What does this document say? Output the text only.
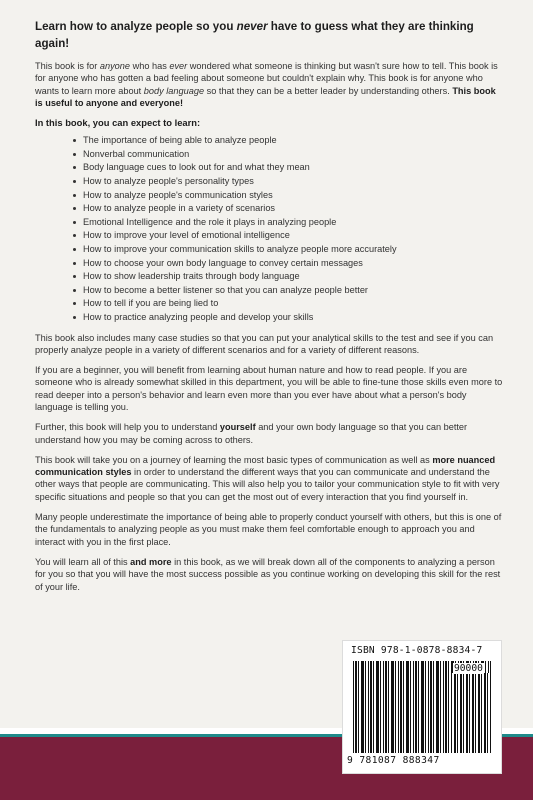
Learn how to analyze people so you never have to guess what they are thinking again!

This book is for anyone who has ever wondered what someone is thinking but wasn't sure how to tell. This book is for anyone who has gotten a bad feeling about someone but couldn't explain why. This book is for anyone who wants to learn more about body language so that they can be a better leader by understanding others. This book is useful to anyone and everyone!

In this book, you can expect to learn:
The importance of being able to analyze people
Nonverbal communication
Body language cues to look out for and what they mean
How to analyze people's personality types
How to analyze people's communication styles
How to analyze people in a variety of scenarios
Emotional Intelligence and the role it plays in analyzing people
How to improve your level of emotional intelligence
How to improve your communication skills to analyze people more accurately
How to choose your own body language to convey certain messages
How to show leadership traits through body language
How to become a better listener so that you can analyze people better
How to tell if you are being lied to
How to practice analyzing people and develop your skills

This book also includes many case studies so that you can put your analytical skills to the test and see if you can properly analyze people in a variety of different scenarios and for a variety of different reasons.

If you are a beginner, you will benefit from learning about human nature and how to read people. If you are someone who is already somewhat skilled in this department, you will be able to fine-tune those skills even more to read deeper into a person's behavior and learn even more than you ever have about what a person's body language is telling you.

Further, this book will help you to understand yourself and your own body language so that you can better understand how you may be coming across to others.

This book will take you on a journey of learning the most basic types of communication as well as more nuanced communication styles in order to understand the different ways that you can communicate and understand the other ways that people are communicating. This will also help you to tailor your communication style to fit with very specific situations and people so that you can get the most out of every interaction that you find yourself in.

Many people underestimate the importance of being able to properly conduct yourself with others, but this is one of the fundamentals to analyzing people as you must make them feel comfortable enough to approach you and interact with you in the first place.

You will learn all of this and more in this book, as we will break down all of the components to analyzing a person for you so that you will have the most success possible as you continue working on developing this skill for the rest of your life.

ISBN 978-1-0878-8834-7
90000
9 781087 888347
